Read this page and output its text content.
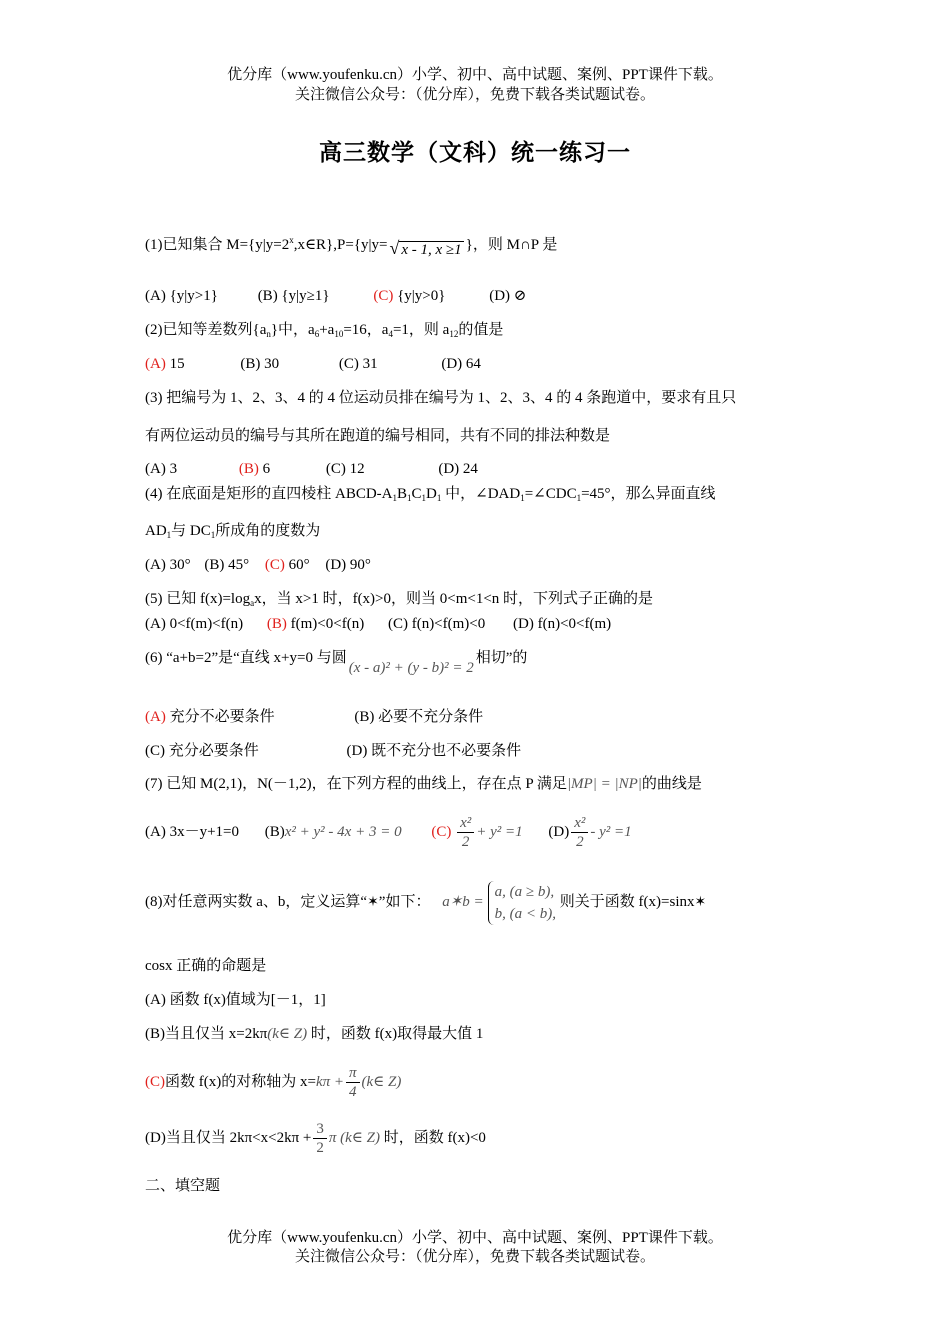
优分库（www.youfenku.cn）小学、初中、高中试题、案例、PPT课件下载。
关注微信公众号：（优分库），免费下载各类试题试卷。
高三数学（文科）统一练习一
(1)已知集合 $M=\{y|y=2^x,x\in R\},P=\{y|y=$ √ x - 1, x ≥1 }，则 M∩P 是
(A) {y|y>1}	(B) {y|y≥1}	(C) {y|y>0}	(D) ⊘
(2)已知等差数列$\{a_n\}$中，$a_6+a_{10}=16$，$a_4=1$，则 $a_{12}$的值是
(A) 15	(B) 30	(C) 31	(D) 64
(3) 把编号为 1、2、3、4 的 4 位运动员排在编号为 1、2、3、4 的 4 条跑道中，要求有且只
有两位运动员的编号与其所在跑道的编号相同，共有不同的排法种数是
(A) 3	(B) 6	(C) 12	(D) 24
(4) 在底面是矩形的直四棱柱 ABCD-$A_1B_1C_1D_1$ 中，$\angle DAD_1=\angle CDC_1=45^\circ$，那么异面直线
$AD_1$与 $DC_1$所成角的度数为
(A) 30° (B) 45° (C) 60° (D) 90°
(5) 已知 $f(x)=\log_ax$，当 x>1 时，f(x)>0，则当 0<m<1<n 时，下列式子正确的是
(A) 0<f(m)<f(n) (B) f(m)<0<f(n) (C) f(n)<f(m)<0 (D) f(n)<0<f(m)
(6) “a+b=2”是“直线 x+y=0 与圆(x - a)² + (y - b)² = 2相切”的
(A) 充分不必要条件	(B) 必要不充分条件
(C) 充分必要条件	(D) 既不充分也不必要条件
(7) 已知 M(2,1)，N(－1,2)，在下列方程的曲线上，存在点 P 满足|MP| = |NP|的曲线是
(A) 3x－y+1=0 (B)x² + y² - 4x + 3 = 0 $(C) \frac{\text{x²}}{2} + y^2 =1$ $(D) \frac{\text{x²}}{2} - y^2 =1$
(8)对任意两实数 a、b，定义运算“✶”如下： a✶b =
a, (a ≥ b),
b, (a < b),
则关于函数 f(x)=sinx✶
cosx 正确的命题是
(A) 函数 f(x)值域为[－1，1]
(B)当且仅当 x=2kπ(k∈ Z) 时，函数 f(x)取得最大值 1
(C)函数 f(x)的对称轴为 $x=k\pi + \frac{\pi}{4}$ (k∈ Z)
(D)当且仅当 $2k\pi<x<2k\pi + \frac{3}{2}$ π (k∈ Z) 时，函数 f(x)<0
二、填空题
优分库（www.youfenku.cn）小学、初中、高中试题、案例、PPT课件下载。
关注微信公众号：（优分库），免费下载各类试题试卷。
